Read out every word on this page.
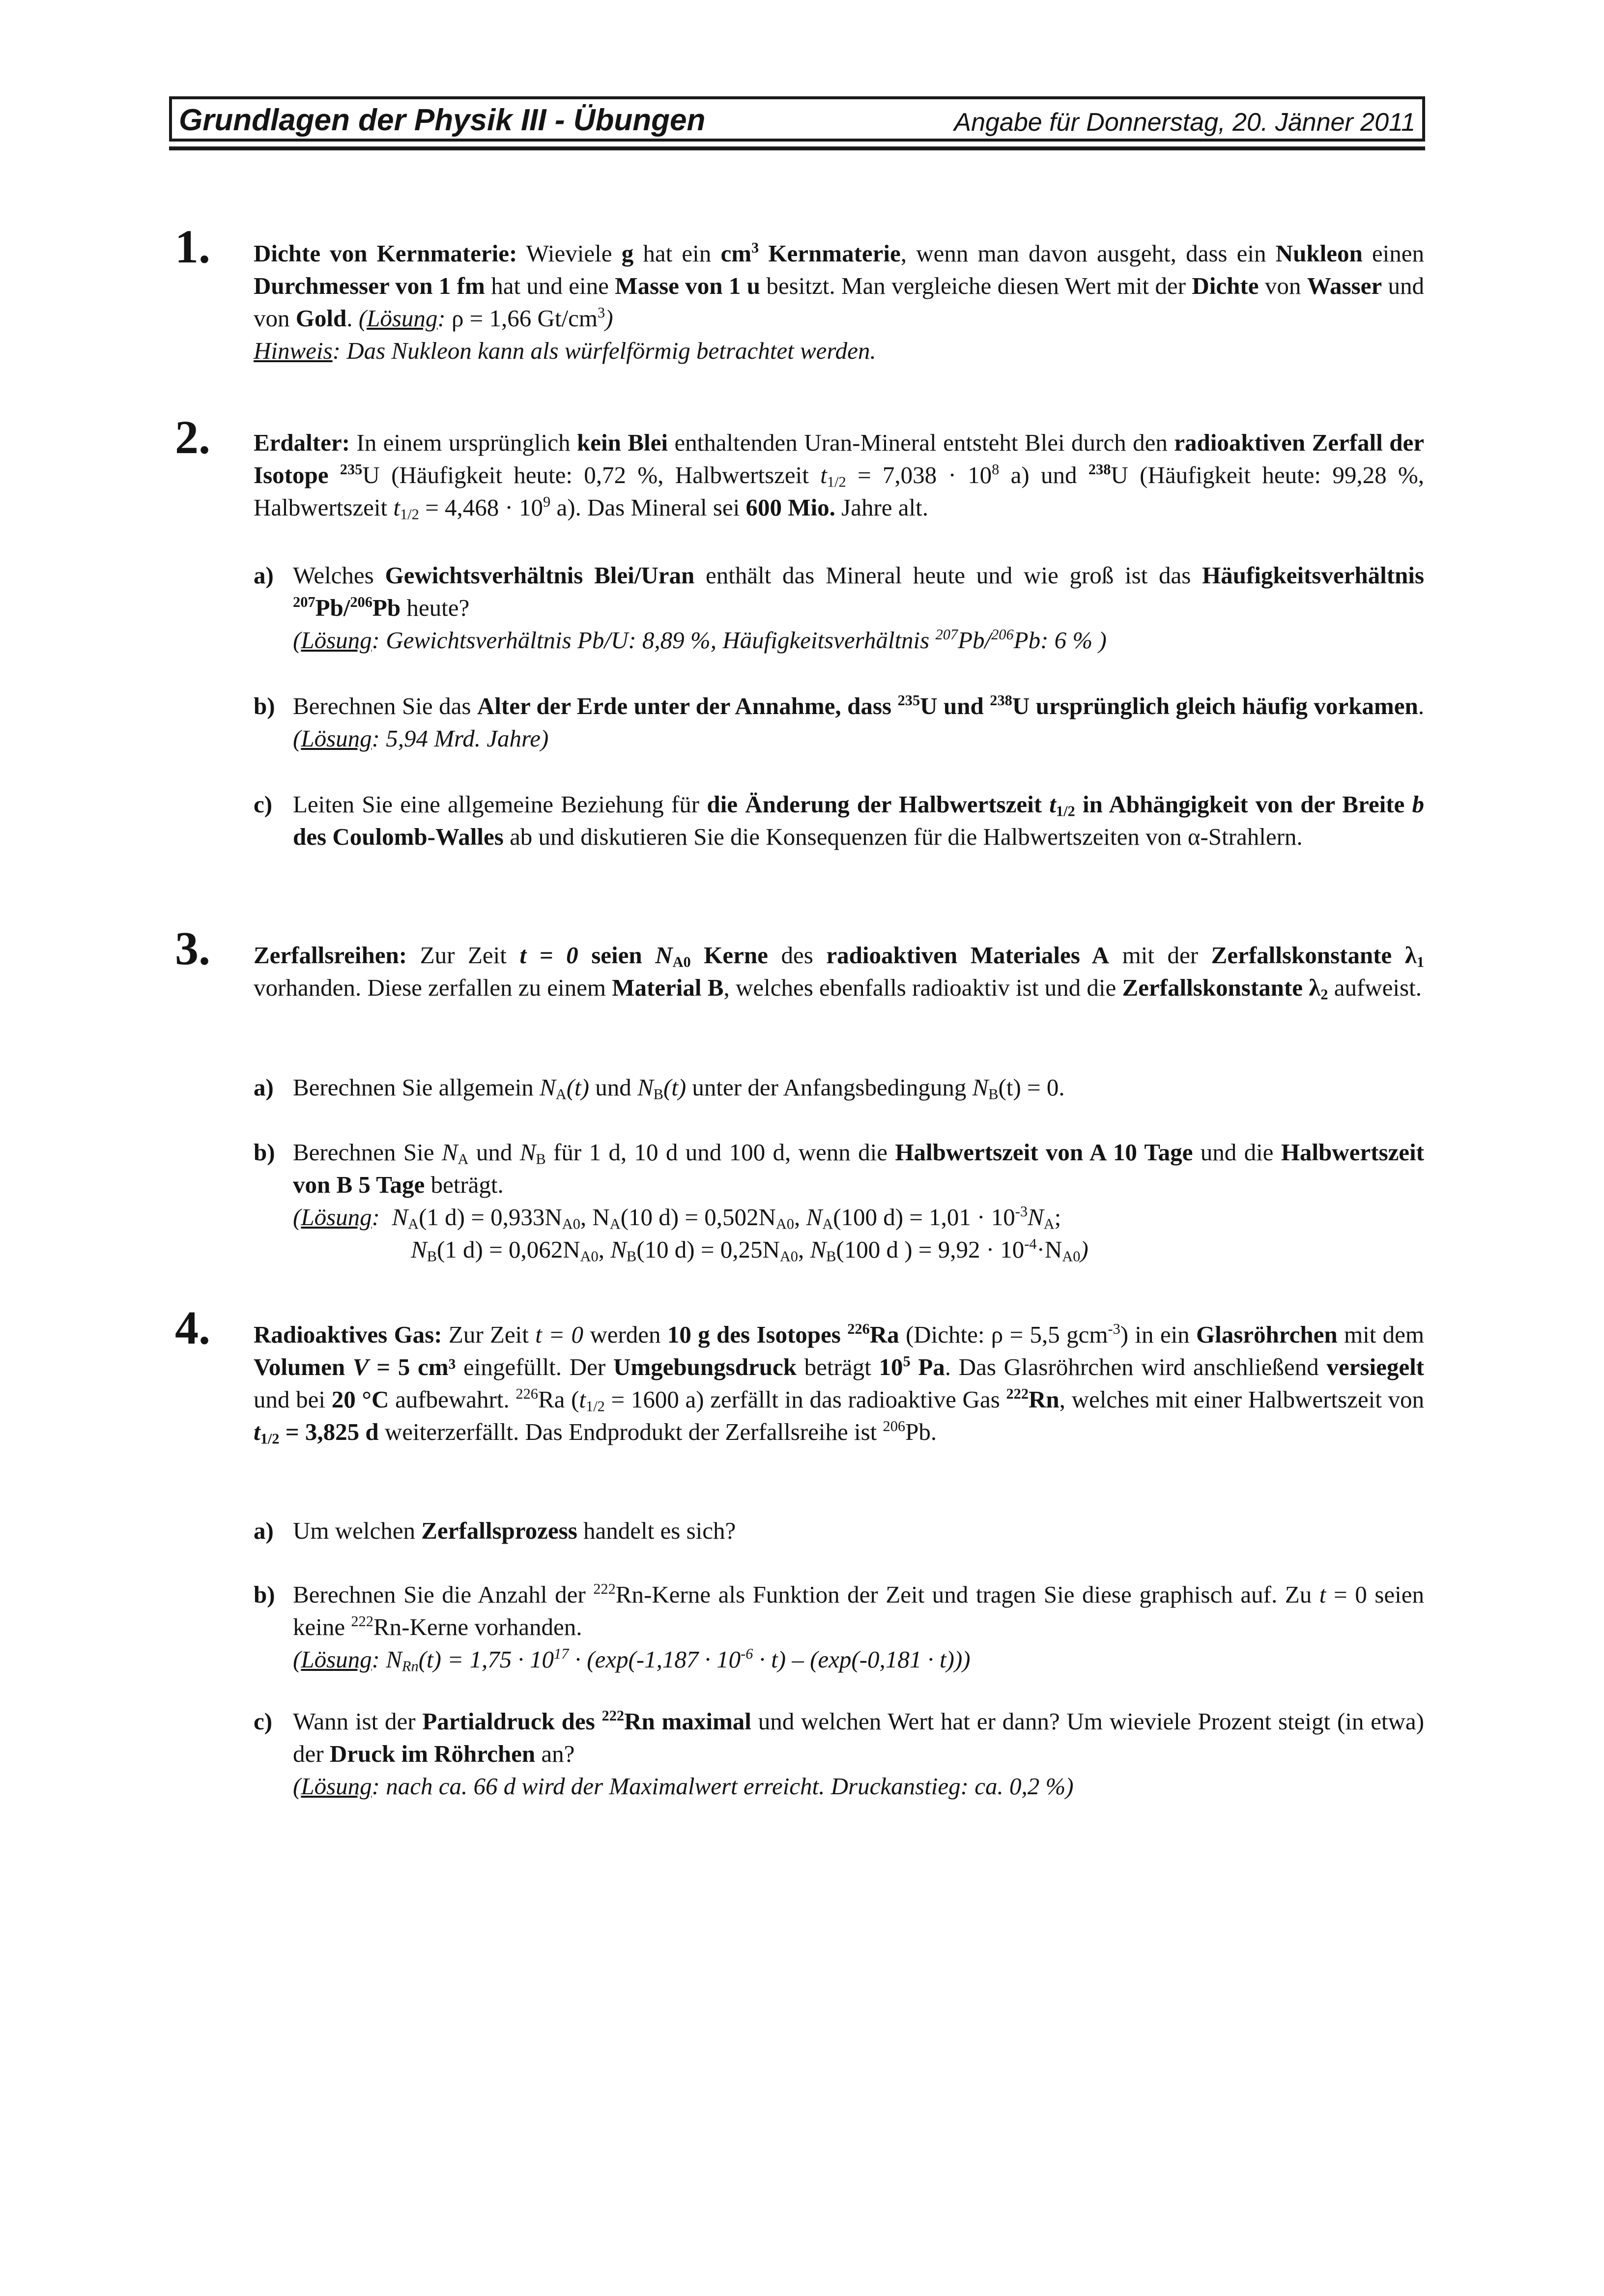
Grundlagen der Physik III - Übungen	Angabe für Donnerstag, 20. Jänner 2011
1. Dichte von Kernmaterie: Wieviele g hat ein $cm^3$ Kernmaterie, wenn man davon ausgeht, dass ein Nukleon einen Durchmesser von 1 fm hat und eine Masse von 1 u besitzt. Man vergleiche diesen Wert mit der Dichte von Wasser und von Gold. (Lösung: ρ = 1,66 $Gt/cm^3$)
Hinweis: Das Nukleon kann als würfelförmig betrachtet werden.

2. Erdalter: In einem ursprünglich kein Blei enthaltenden Uran-Mineral entsteht Blei durch den radioaktiven Zerfall der Isotope $^{235}$U (Häufigkeit heute: 0,72 %, Halbwertszeit $t_{1/2} = 7,038 \cdot 10^8$ a) und $^{238}$U (Häufigkeit heute: 99,28 %, Halbwertszeit $t_{1/2} = 4,468 \cdot 10^9$ a). Das Mineral sei 600 Mio. Jahre alt.

a) Welches Gewichtsverhältnis Blei/Uran enthält das Mineral heute und wie groß ist das Häufigkeitsverhältnis $^{207}$Pb/$^{206}$Pb heute?
(Lösung: Gewichtsverhältnis Pb/U: 8,89 %, Häufigkeitsverhältnis $^{207}$Pb/$^{206}$Pb: 6 % )

b) Berechnen Sie das Alter der Erde unter der Annahme, dass $^{235}$U und $^{238}$U ursprünglich gleich häufig vorkamen. (Lösung: 5,94 Mrd. Jahre)

c) Leiten Sie eine allgemeine Beziehung für die Änderung der Halbwertszeit $t_{1/2}$ in Abhängigkeit von der Breite b des Coulomb-Walles ab und diskutieren Sie die Konsequenzen für die Halbwertszeiten von α-Strahlern.

3. Zerfallsreihen: Zur Zeit t = 0 seien $N_{A0}$ Kerne des radioaktiven Materiales A mit der Zerfallskonstante $\lambda_1$ vorhanden. Diese zerfallen zu einem Material B, welches ebenfalls radioaktiv ist und die Zerfallskonstante $\lambda_2$ aufweist.

a) Berechnen Sie allgemein $N_A(t)$ und $N_B(t)$ unter der Anfangsbedingung $N_B(t) = 0$.

b) Berechnen Sie $N_A$ und $N_B$ für 1 d, 10 d und 100 d, wenn die Halbwertszeit von A 10 Tage und die Halbwertszeit von B 5 Tage beträgt.
(Lösung: $N_A(1$ $d) = 0,933N_{A0}$, $N_A(10$ $d) = 0,502N_{A0}$, $N_A(100$ $d) = 1,01 \cdot 10^{-3}N_A$;
$N_B(1$ $d) = 0,062N_{A0}$, $N_B(10$ $d) = 0,25N_{A0}$, $N_B(100$ d ) = $9,92 \cdot 10^{-4}\cdot N_{A0}$)

4. Radioaktives Gas: Zur Zeit t = 0 werden 10 g des Isotopes $^{226}$Ra (Dichte: ρ = 5,5 gcm$^{-3}$) in ein Glasröhrchen mit dem Volumen V = 5 cm³ eingefüllt. Der Umgebungsdruck beträgt $10^5$ Pa. Das Glasröhrchen wird anschließend versiegelt und bei 20 °C aufbewahrt. $^{226}$Ra ($t_{1/2} = 1600$ a) zerfällt in das radioaktive Gas $^{222}$Rn, welches mit einer Halbwertszeit von $t_{1/2} = 3,825$ d weiterzerfällt. Das Endprodukt der Zerfallsreihe ist $^{206}$Pb.

a) Um welchen Zerfallsprozess handelt es sich?

b) Berechnen Sie die Anzahl der $^{222}$Rn-Kerne als Funktion der Zeit und tragen Sie diese graphisch auf. Zu t = 0 seien keine $^{222}$Rn-Kerne vorhanden.
(Lösung: $N_{Rn}(t) = 1,75 \cdot 10^{17} \cdot (\exp(-1,187 \cdot 10^{-6} \cdot t) - (\exp(-0,181 \cdot t)))$

c) Wann ist der Partialdruck des $^{222}$Rn maximal und welchen Wert hat er dann? Um wieviele Prozent steigt (in etwa) der Druck im Röhrchen an?
(Lösung: nach ca. 66 d wird der Maximalwert erreicht. Druckanstieg: ca. 0,2 %)
